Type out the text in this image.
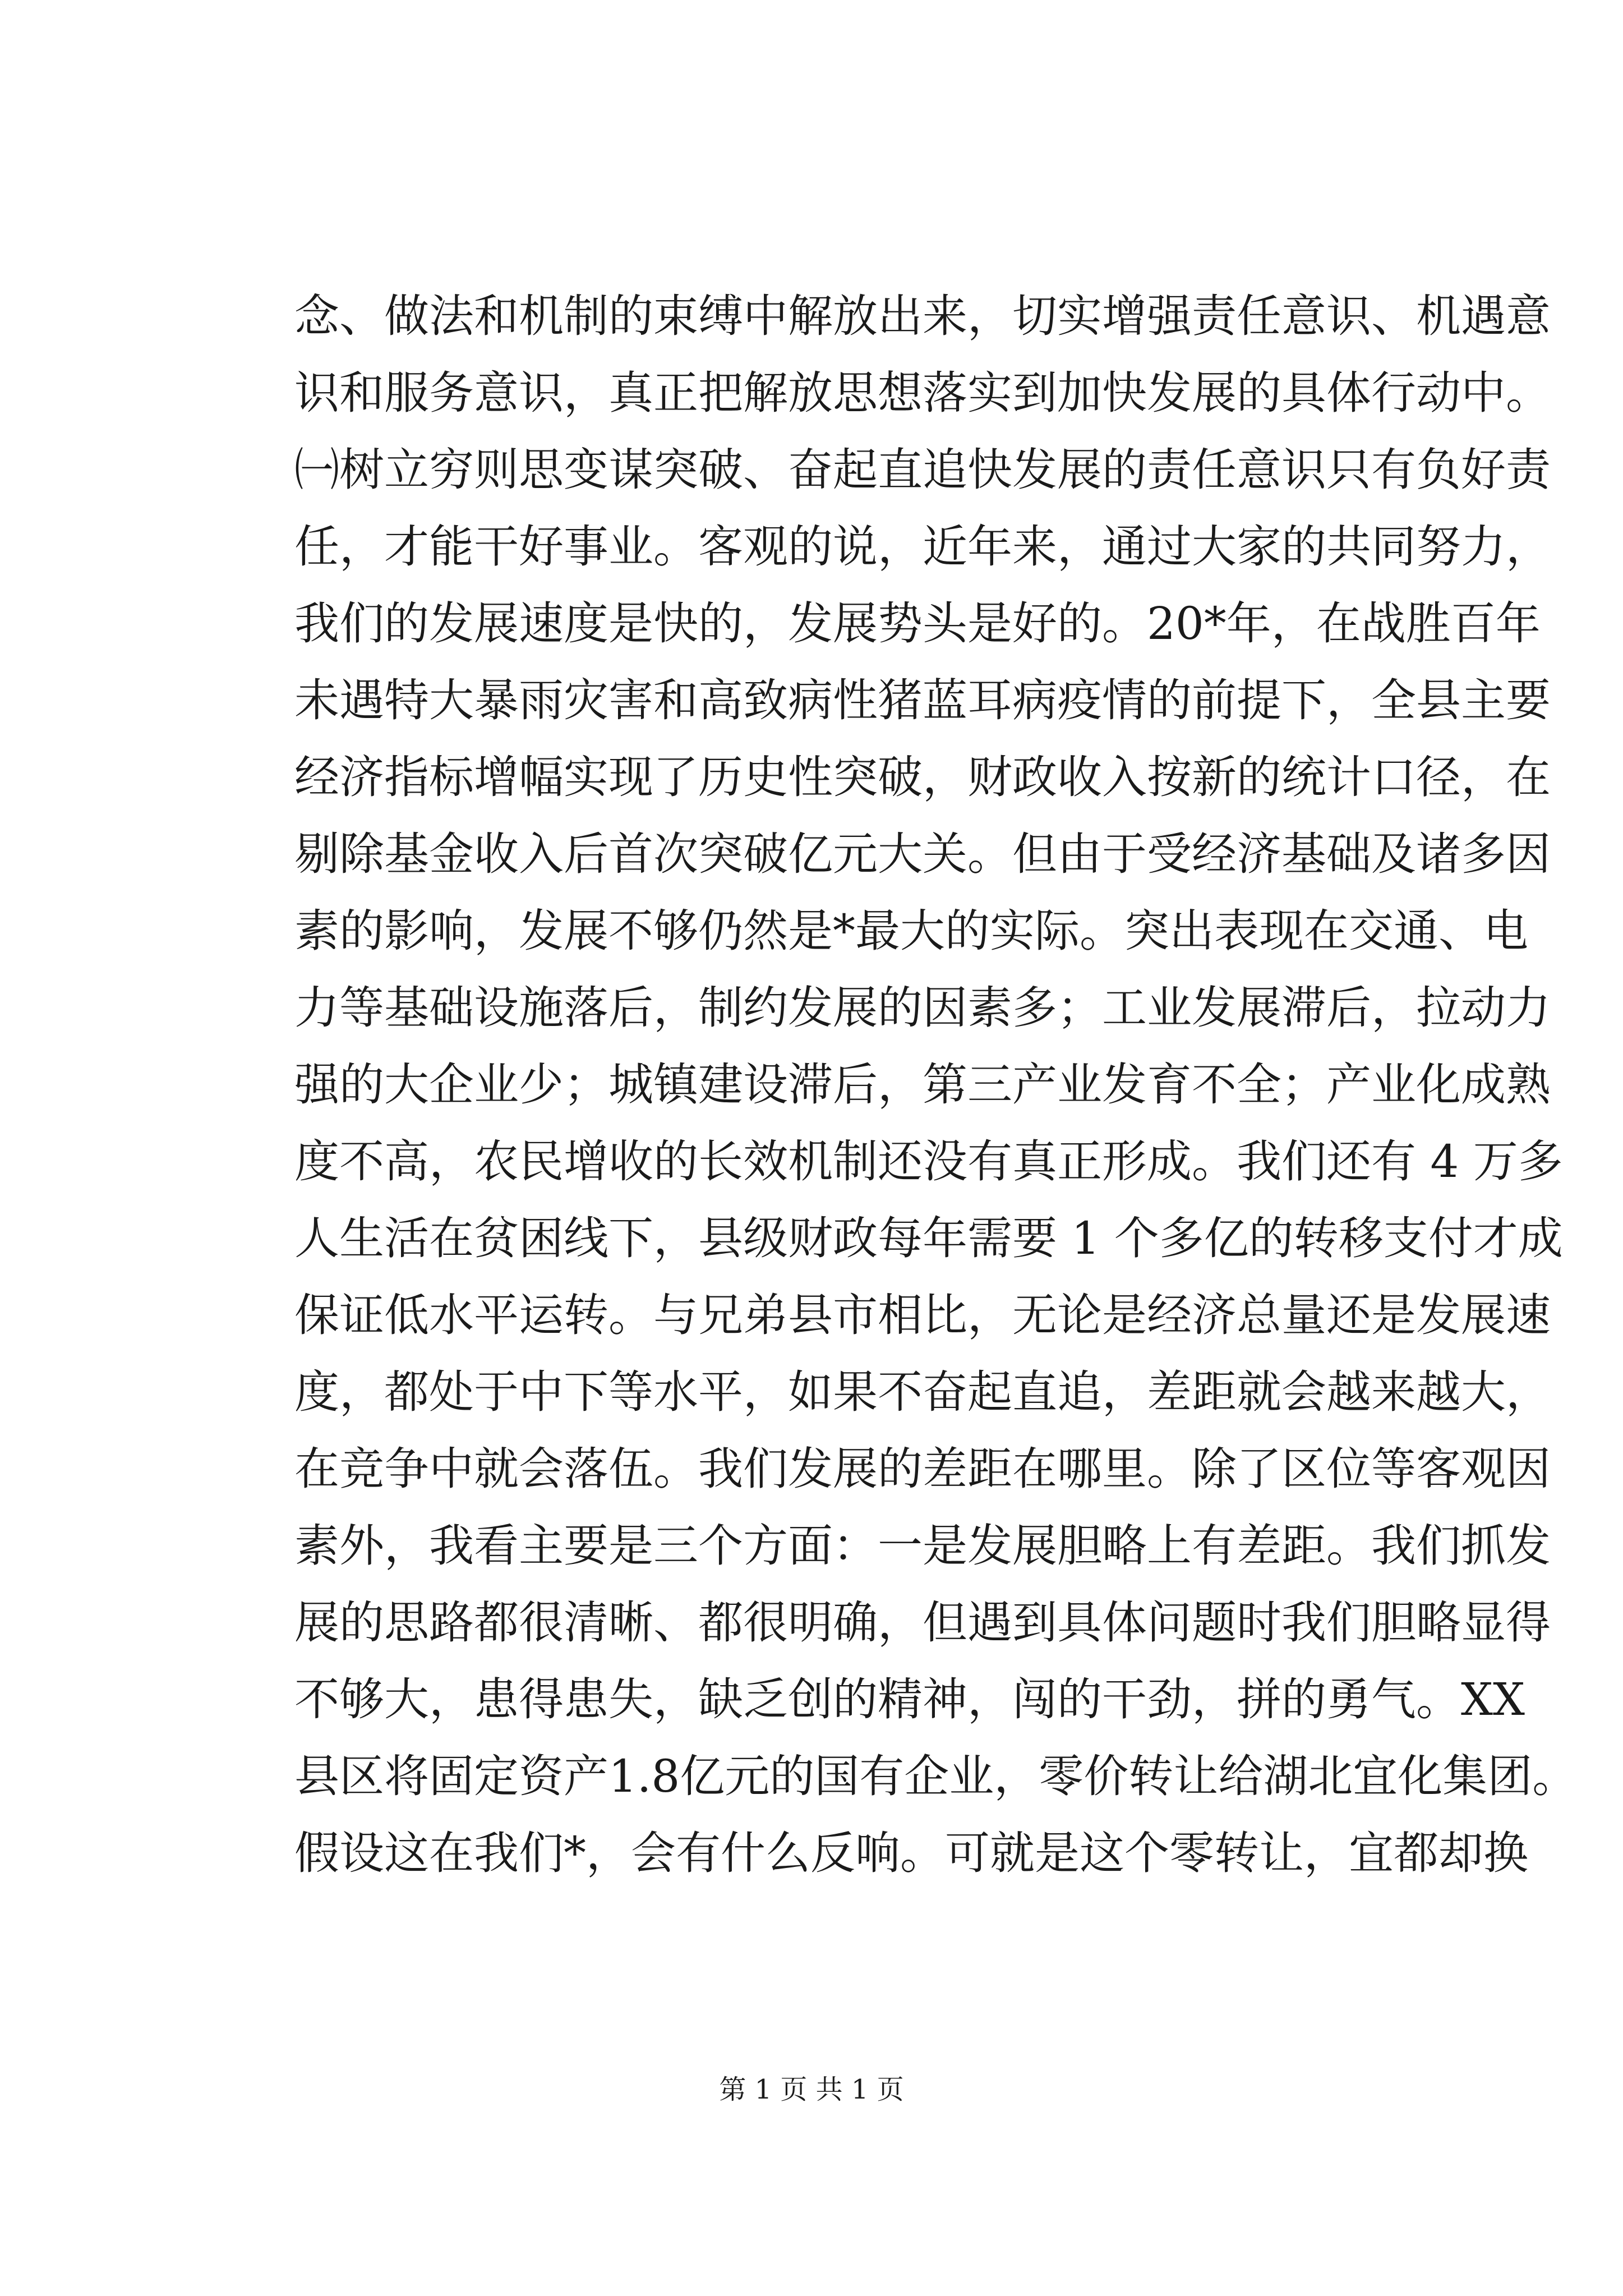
念、做法和机制的束缚中解放出来，切实增强责任意识、机遇意
识和服务意识，真正把解放思想落实到加快发展的具体行动中。
㈠树立穷则思变谋突破、奋起直追快发展的责任意识只有负好责
任，才能干好事业。客观的说，近年来，通过大家的共同努力，
我们的发展速度是快的，发展势头是好的。20*年，在战胜百年
未遇特大暴雨灾害和高致病性猪蓝耳病疫情的前提下，全县主要
经济指标增幅实现了历史性突破，财政收入按新的统计口径，在
剔除基金收入后首次突破亿元大关。但由于受经济基础及诸多因
素的影响，发展不够仍然是*最大的实际。突出表现在交通、电
力等基础设施落后，制约发展的因素多；工业发展滞后，拉动力
强的大企业少；城镇建设滞后，第三产业发育不全；产业化成熟
度不高，农民增收的长效机制还没有真正形成。我们还有 4 万多
人生活在贫困线下，县级财政每年需要 1 个多亿的转移支付才成
保证低水平运转。与兄弟县市相比，无论是经济总量还是发展速
度，都处于中下等水平，如果不奋起直追，差距就会越来越大，
在竞争中就会落伍。我们发展的差距在哪里。除了区位等客观因
素外，我看主要是三个方面：一是发展胆略上有差距。我们抓发
展的思路都很清晰、都很明确，但遇到具体问题时我们胆略显得
不够大，患得患失，缺乏创的精神，闯的干劲，拼的勇气。XX
县区将固定资产1.8亿元的国有企业，零价转让给湖北宜化集团。
假设这在我们*，会有什么反响。可就是这个零转让，宜都却换
第 1 页 共 1 页
